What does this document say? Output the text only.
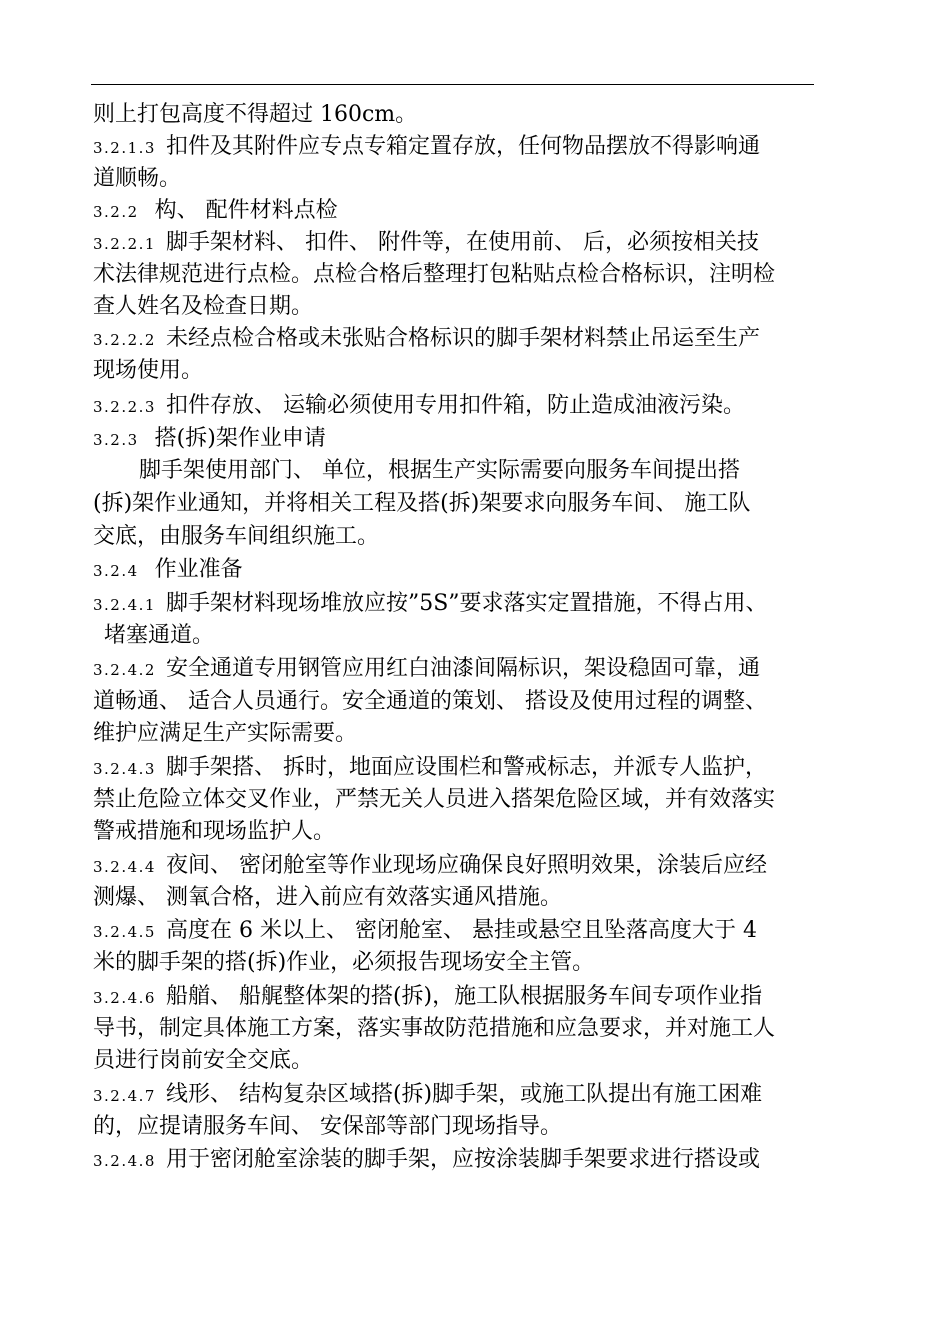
则上打包高度不得超过 160cm。
3.2.1.3 扣件及其附件应专点专箱定置存放，任何物品摆放不得影响通
道顺畅。
3.2.2 构、 配件材料点检
3.2.2.1 脚手架材料、 扣件、 附件等，在使用前、 后，必须按相关技
术法律规范进行点检。点检合格后整理打包粘贴点检合格标识，注明检
查人姓名及检查日期。
3.2.2.2 未经点检合格或未张贴合格标识的脚手架材料禁止吊运至生产
现场使用。
3.2.2.3 扣件存放、 运输必须使用专用扣件箱，防止造成油液污染。
3.2.3 搭(拆)架作业申请
脚手架使用部门、 单位，根据生产实际需要向服务车间提出搭
(拆)架作业通知，并将相关工程及搭(拆)架要求向服务车间、 施工队
交底，由服务车间组织施工。
3.2.4 作业准备
3.2.4.1 脚手架材料现场堆放应按”5S”要求落实定置措施，不得占用、
堵塞通道。
3.2.4.2 安全通道专用钢管应用红白油漆间隔标识，架设稳固可靠，通
道畅通、 适合人员通行。安全通道的策划、 搭设及使用过程的调整、
维护应满足生产实际需要。
3.2.4.3 脚手架搭、 拆时，地面应设围栏和警戒标志，并派专人监护，
禁止危险立体交叉作业，严禁无关人员进入搭架危险区域，并有效落实
警戒措施和现场监护人。
3.2.4.4 夜间、 密闭舱室等作业现场应确保良好照明效果，涂装后应经
测爆、 测氧合格，进入前应有效落实通风措施。
3.2.4.5 高度在 6 米以上、 密闭舱室、 悬挂或悬空且坠落高度大于 4
米的脚手架的搭(拆)作业，必须报告现场安全主管。
3.2.4.6 船艏、 船艉整体架的搭(拆)，施工队根据服务车间专项作业指
导书，制定具体施工方案，落实事故防范措施和应急要求，并对施工人
员进行岗前安全交底。
3.2.4.7 线形、 结构复杂区域搭(拆)脚手架，或施工队提出有施工困难
的，应提请服务车间、 安保部等部门现场指导。
3.2.4.8 用于密闭舱室涂装的脚手架，应按涂装脚手架要求进行搭设或
